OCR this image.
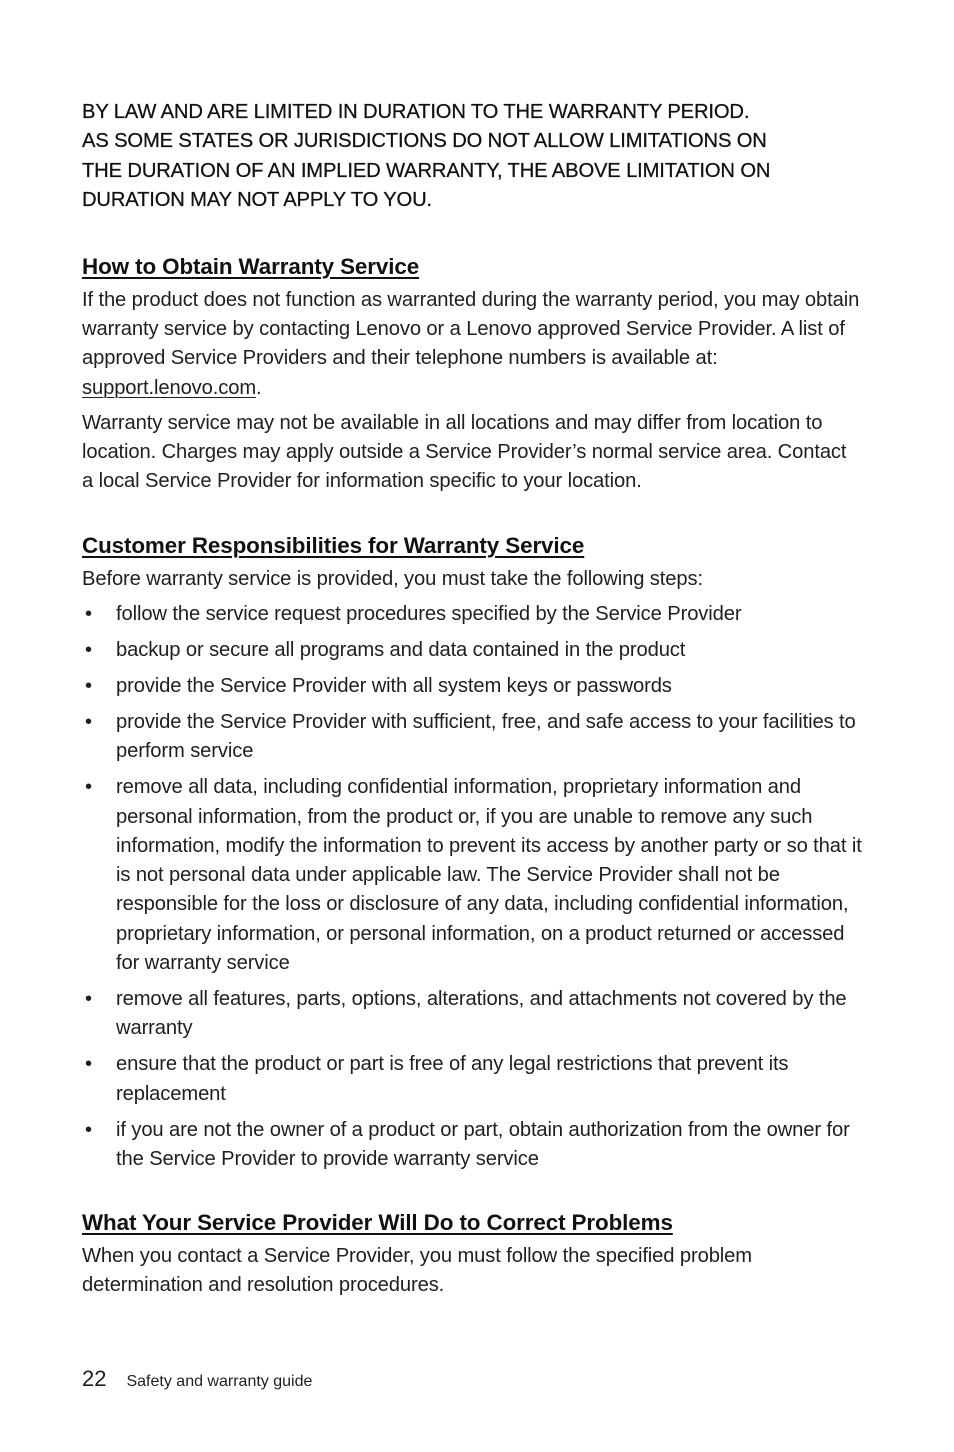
BY LAW AND ARE LIMITED IN DURATION TO THE WARRANTY PERIOD.
AS SOME STATES OR JURISDICTIONS DO NOT ALLOW LIMITATIONS ON
THE DURATION OF AN IMPLIED WARRANTY, THE ABOVE LIMITATION ON
DURATION MAY NOT APPLY TO YOU.
How to Obtain Warranty Service

If the product does not function as warranted during the warranty period, you may obtain warranty service by contacting Lenovo or a Lenovo approved Service Provider. A list of approved Service Providers and their telephone numbers is available at: support.lenovo.com.

Warranty service may not be available in all locations and may differ from location to location. Charges may apply outside a Service Provider’s normal service area. Contact a local Service Provider for information specific to your location.

Customer Responsibilities for Warranty Service

Before warranty service is provided, you must take the following steps:

• follow the service request procedures specified by the Service Provider
• backup or secure all programs and data contained in the product
• provide the Service Provider with all system keys or passwords
• provide the Service Provider with sufficient, free, and safe access to your facilities to perform service
• remove all data, including confidential information, proprietary information and personal information, from the product or, if you are unable to remove any such information, modify the information to prevent its access by another party or so that it is not personal data under applicable law. The Service Provider shall not be responsible for the loss or disclosure of any data, including confidential information, proprietary information, or personal information, on a product returned or accessed for warranty service
• remove all features, parts, options, alterations, and attachments not covered by the warranty
• ensure that the product or part is free of any legal restrictions that prevent its replacement
• if you are not the owner of a product or part, obtain authorization from the owner for the Service Provider to provide warranty service
What Your Service Provider Will Do to Correct Problems

When you contact a Service Provider, you must follow the specified problem determination and resolution procedures.

22 Safety and warranty guide
